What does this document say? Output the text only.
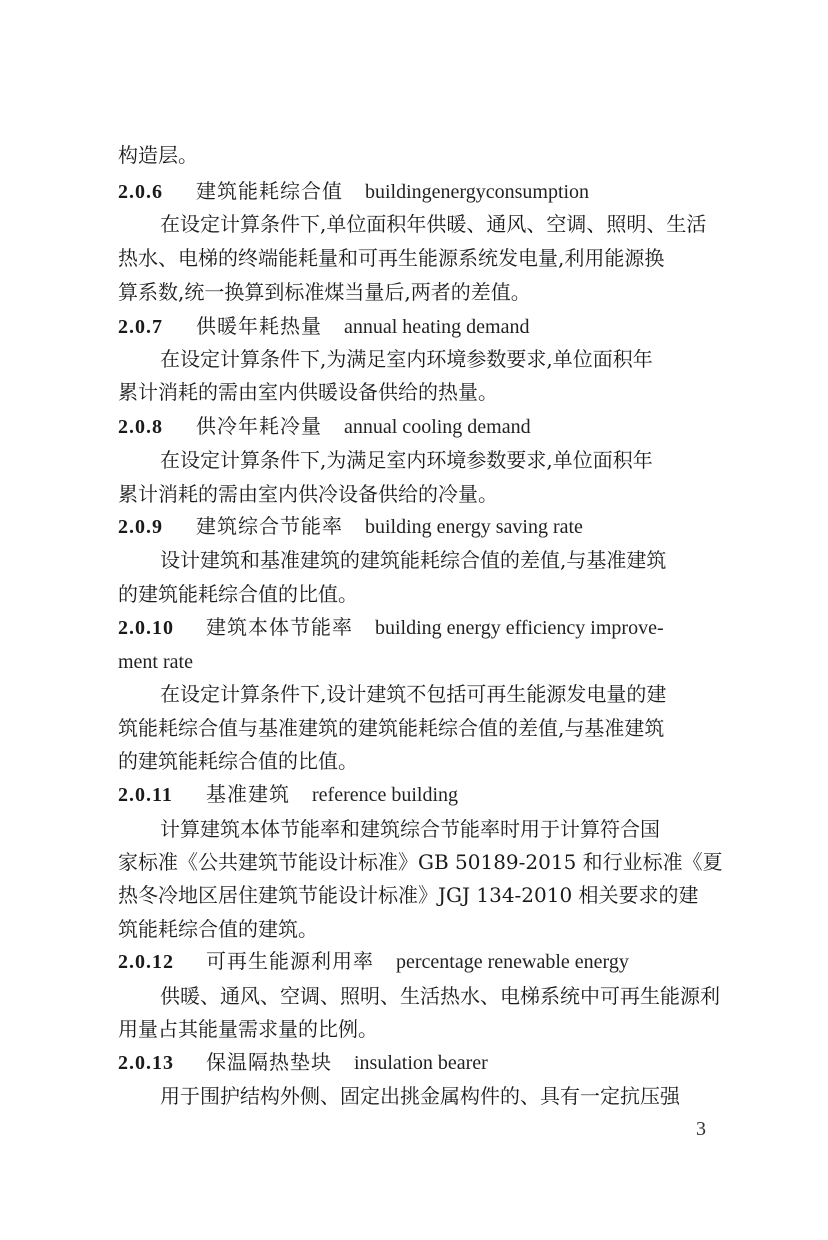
构造层。
2.0.6 建筑能耗综合值 buildingenergyconsumption
在设定计算条件下,单位面积年供暖、通风、空调、照明、生活
热水、电梯的终端能耗量和可再生能源系统发电量,利用能源换
算系数,统一换算到标准煤当量后,两者的差值。
2.0.7 供暖年耗热量 annual heating demand
在设定计算条件下,为满足室内环境参数要求,单位面积年
累计消耗的需由室内供暖设备供给的热量。
2.0.8 供冷年耗冷量 annual cooling demand
在设定计算条件下,为满足室内环境参数要求,单位面积年
累计消耗的需由室内供冷设备供给的冷量。
2.0.9 建筑综合节能率 building energy saving rate
设计建筑和基准建筑的建筑能耗综合值的差值,与基准建筑
的建筑能耗综合值的比值。
2.0.10 建筑本体节能率 building energy efficiency improve-
ment rate
在设定计算条件下,设计建筑不包括可再生能源发电量的建
筑能耗综合值与基准建筑的建筑能耗综合值的差值,与基准建筑
的建筑能耗综合值的比值。
2.0.11 基准建筑 reference building
计算建筑本体节能率和建筑综合节能率时用于计算符合国
家标准《公共建筑节能设计标准》GB 50189-2015 和行业标准《夏
热冬冷地区居住建筑节能设计标准》JGJ 134-2010 相关要求的建
筑能耗综合值的建筑。
2.0.12 可再生能源利用率 percentage renewable energy
供暖、通风、空调、照明、生活热水、电梯系统中可再生能源利
用量占其能量需求量的比例。
2.0.13 保温隔热垫块 insulation bearer
用于围护结构外侧、固定出挑金属构件的、具有一定抗压强
3
